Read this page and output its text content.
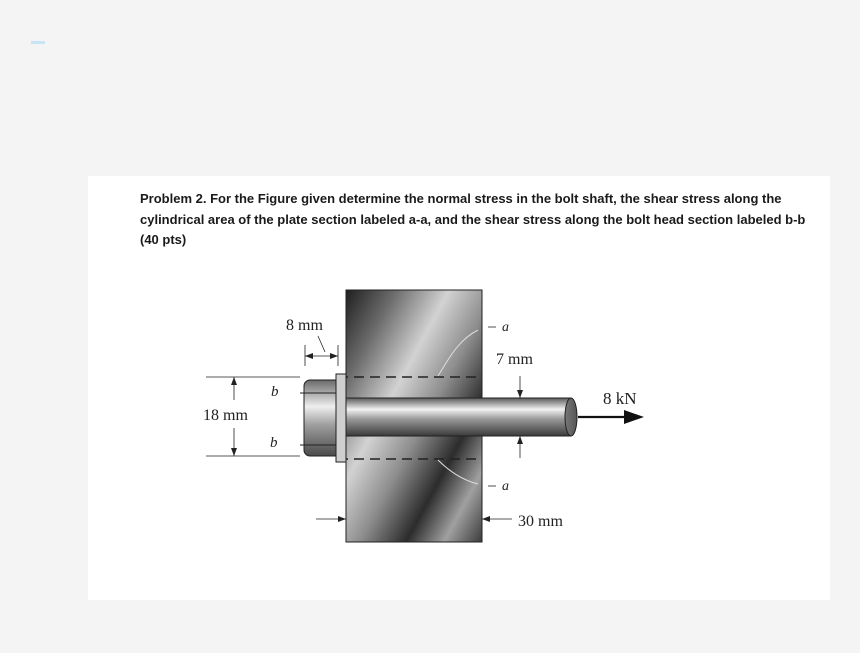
Problem 2. For the Figure given determine the normal stress in the bolt shaft, the shear stress along the cylindrical area of the plate section labeled a-a, and the shear stress along the bolt head section labeled b-b (40 pts)

8 mm
18 mm
b
b
a
a
7 mm
8 kN
30 mm
